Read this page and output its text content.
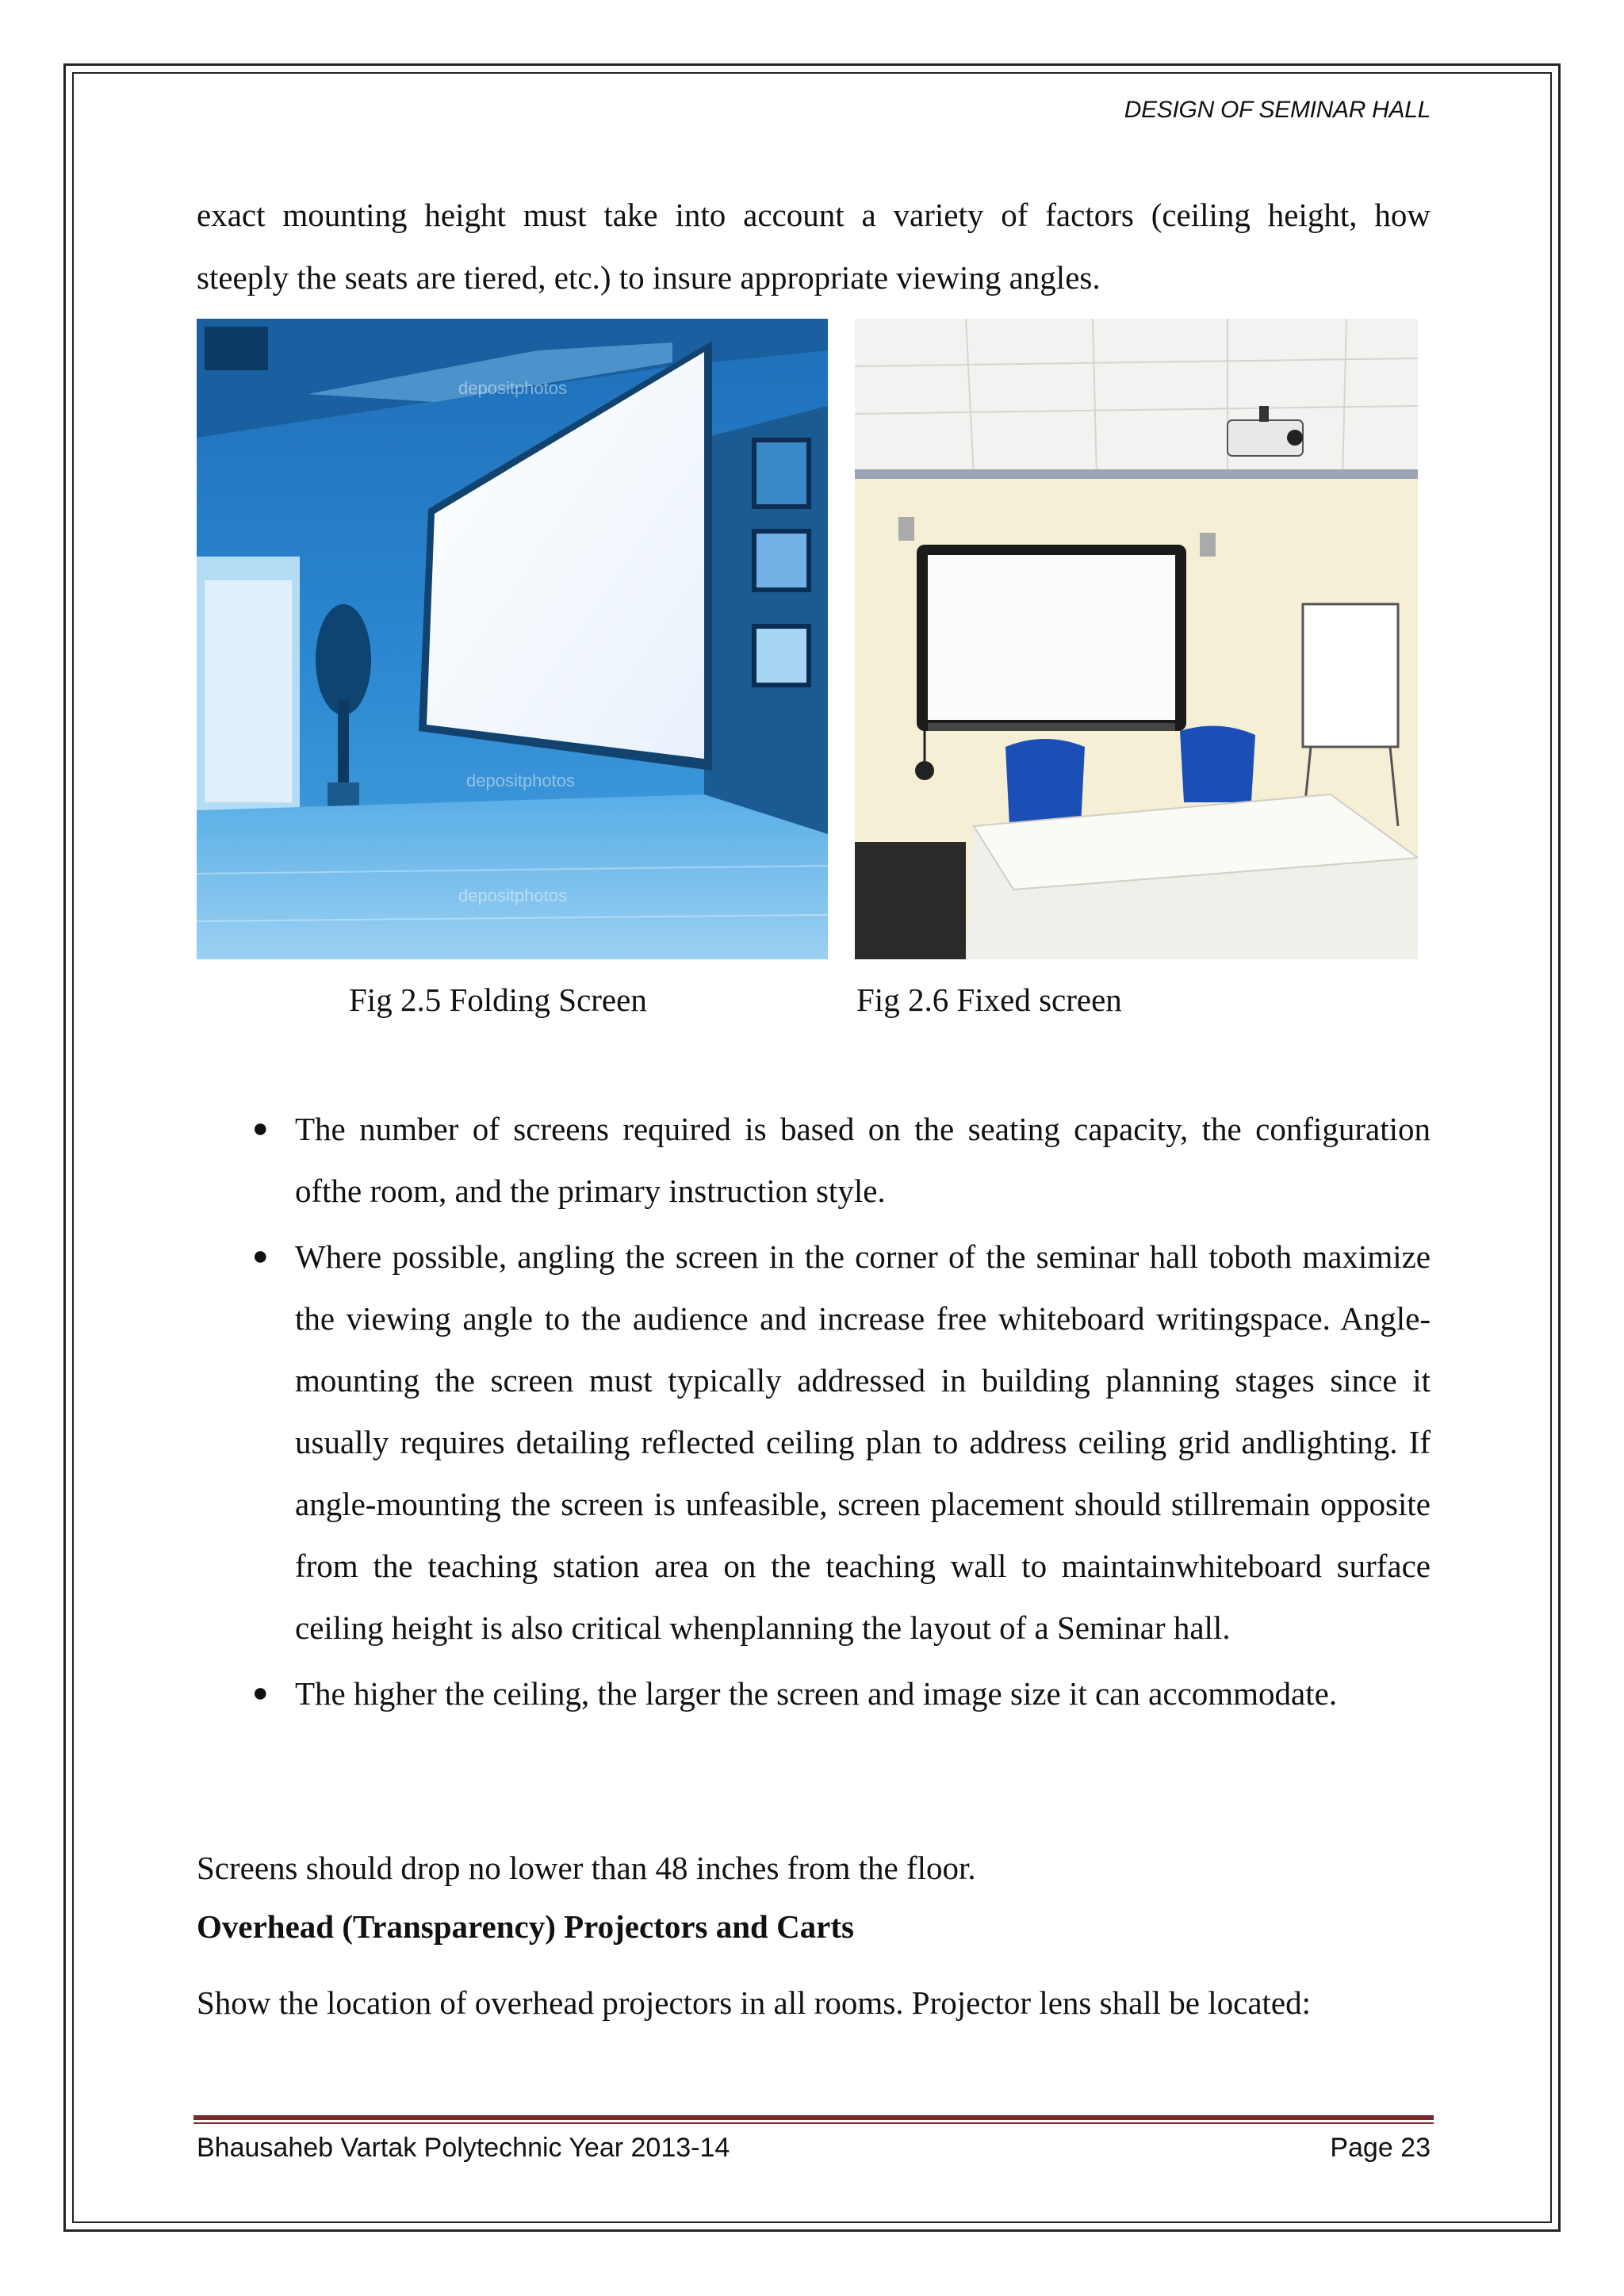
DESIGN OF SEMINAR HALL
exact mounting height must take into account a variety of factors (ceiling height, how
steeply the seats are tiered, etc.) to insure appropriate viewing angles.
depositphotos
depositphotos
depositphotos
Fig 2.5 Folding Screen	Fig 2.6 Fixed screen
● The number of screens required is based on the seating capacity, the configuration ofthe room, and the primary instruction style.

● Where possible, angling the screen in the corner of the seminar hall toboth maximize the viewing angle to the audience and increase free whiteboard writingspace. Angle-mounting the screen must typically addressed in building planning stages since it usually requires detailing reflected ceiling plan to address ceiling grid andlighting. If angle-mounting the screen is unfeasible, screen placement should stillremain opposite from the teaching station area on the teaching wall to maintainwhiteboard surface ceiling height is also critical whenplanning the layout of a Seminar hall.

● The higher the ceiling, the larger the screen and image size it can accommodate.

Screens should drop no lower than 48 inches from the floor.
Overhead (Transparency) Projectors and Carts
Show the location of overhead projectors in all rooms. Projector lens shall be located:
Bhausaheb Vartak Polytechnic Year 2013-14	Page 23
